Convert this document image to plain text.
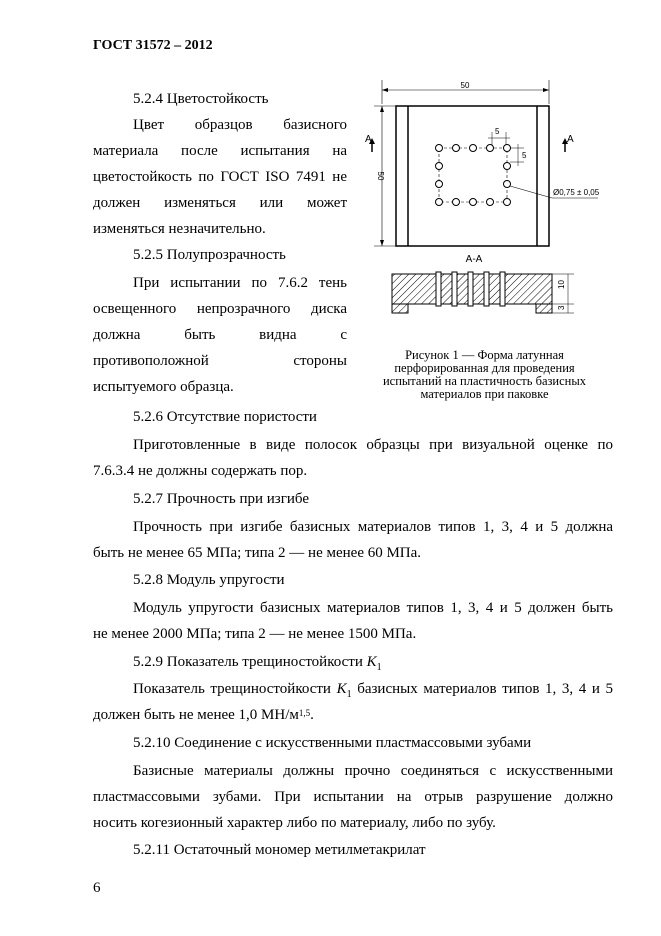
ГОСТ 31572 – 2012
5.2.4 Цветостойкость
Цвет образцов базисного
материала после испытания на
цветостойкость по ГОСТ ISO 7491 не
должен изменяться или может
изменяться незначительно.
5.2.5 Полупрозрачность
При испытании по 7.6.2 тень
освещенного непрозрачного диска
должна быть видна с
противоположной стороны
испытуемого образца.
50
50
A	A
5
5
Ø0,75 ± 0,05
А-А
10
3
Рисунок 1 — Форма латунная
перфорированная для проведения
испытаний на пластичность базисных
материалов при паковке
5.2.6 Отсутствие пористости
Приготовленные в виде полосок образцы при визуальной оценке по
7.6.3.4 не должны содержать пор.
5.2.7 Прочность при изгибе
Прочность при изгибе базисных материалов типов 1, 3, 4 и 5 должна
быть не менее 65 МПа; типа 2 — не менее 60 МПа.
5.2.8 Модуль упругости
Модуль упругости базисных материалов типов 1, 3, 4 и 5 должен быть
не менее 2000 МПа; типа 2 — не менее 1500 МПа.
5.2.9 Показатель трещиностойкости $K_1$
Показатель трещиностойкости $K_1$ базисных материалов типов 1, 3, 4 и 5
должен быть не менее 1,0 $МН/м^{1,5}$.
5.2.10 Соединение с искусственными пластмассовыми зубами
Базисные материалы должны прочно соединяться с искусственными
пластмассовыми зубами. При испытании на отрыв разрушение должно
носить когезионный характер либо по материалу, либо по зубу.
5.2.11 Остаточный мономер метилметакрилат
6
